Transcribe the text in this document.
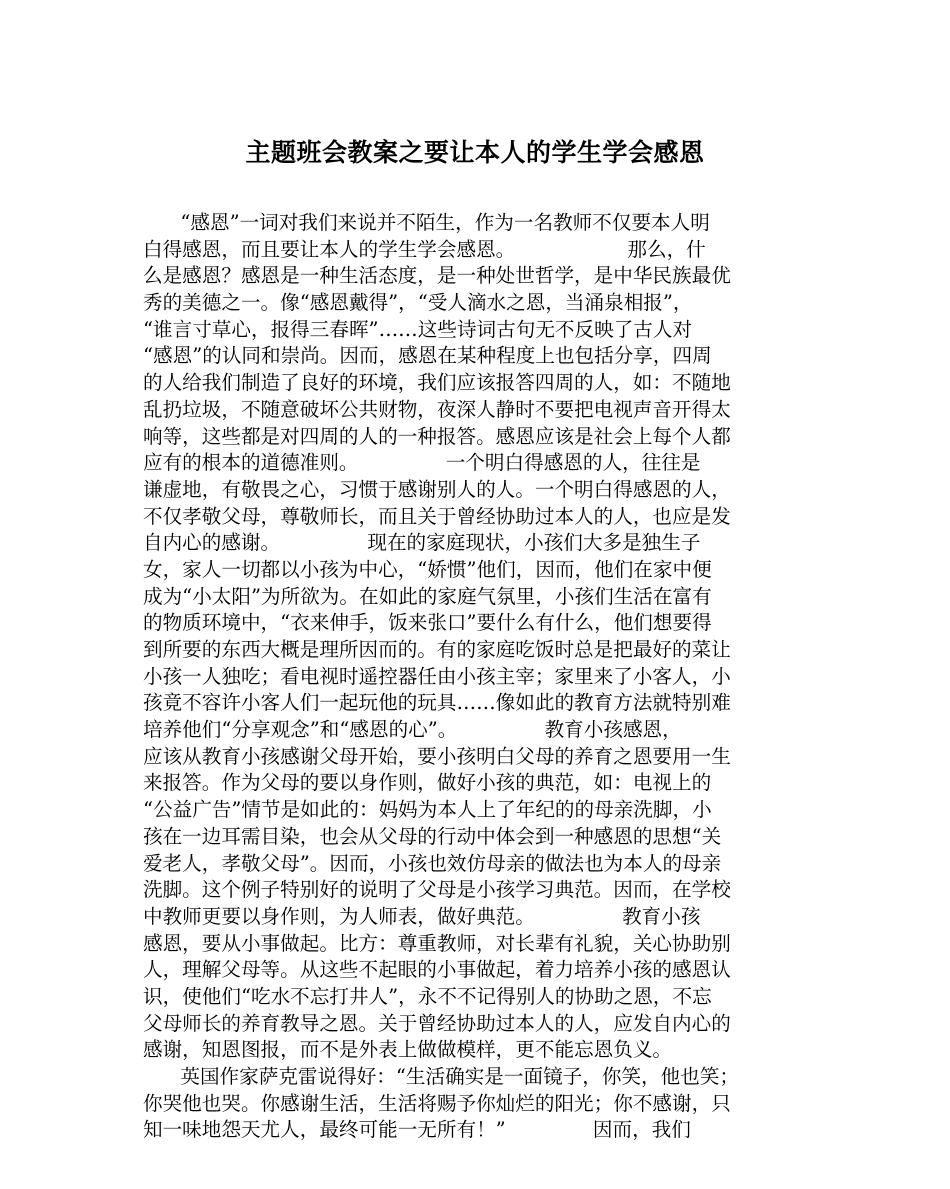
主题班会教案之要让本人的学生学会感恩
“感恩”一词对我们来说并不陌生，作为一名教师不仅要本人明
白得感恩，而且要让本人的学生学会感恩。                  那么，什
么是感恩？感恩是一种生活态度，是一种处世哲学，是中华民族最优
秀的美德之一。像“感恩戴得”，“受人滴水之恩，当涌泉相报”，
“谁言寸草心，报得三春晖”……这些诗词古句无不反映了古人对
“感恩”的认同和崇尚。因而，感恩在某种程度上也包括分享，四周
的人给我们制造了良好的环境，我们应该报答四周的人，如：不随地
乱扔垃圾，不随意破坏公共财物，夜深人静时不要把电视声音开得太
响等，这些都是对四周的人的一种报答。感恩应该是社会上每个人都
应有的根本的道德准则。              一个明白得感恩的人，往往是
谦虚地，有敬畏之心，习惯于感谢别人的人。一个明白得感恩的人，
不仅孝敬父母，尊敬师长，而且关于曾经协助过本人的人，也应是发
自内心的感谢。              现在的家庭现状，小孩们大多是独生子
女，家人一切都以小孩为中心，“娇惯”他们，因而，他们在家中便
成为“小太阳”为所欲为。在如此的家庭气氛里，小孩们生活在富有
的物质环境中，“衣来伸手，饭来张口”要什么有什么，他们想要得
到所要的东西大概是理所因而的。有的家庭吃饭时总是把最好的菜让
小孩一人独吃；看电视时遥控器任由小孩主宰；家里来了小客人，小
孩竟不容许小客人们一起玩他的玩具……像如此的教育方法就特别难
培养他们“分享观念”和“感恩的心”。              教育小孩感恩，
应该从教育小孩感谢父母开始，要小孩明白父母的养育之恩要用一生
来报答。作为父母的要以身作则，做好小孩的典范，如：电视上的
“公益广告”情节是如此的：妈妈为本人上了年纪的的母亲洗脚，小
孩在一边耳需目染，也会从父母的行动中体会到一种感恩的思想“关
爱老人，孝敬父母”。因而，小孩也效仿母亲的做法也为本人的母亲
洗脚。这个例子特别好的说明了父母是小孩学习典范。因而，在学校
中教师更要以身作则，为人师表，做好典范。              教育小孩
感恩，要从小事做起。比方：尊重教师，对长辈有礼貌，关心协助别
人，理解父母等。从这些不起眼的小事做起，着力培养小孩的感恩认
识，使他们“吃水不忘打井人”，永不不记得别人的协助之恩，不忘
父母师长的养育教导之恩。关于曾经协助过本人的人，应发自内心的
感谢，知恩图报，而不是外表上做做模样，更不能忘恩负义。
英国作家萨克雷说得好：“生活确实是一面镜子，你笑，他也笑；
你哭他也哭。你感谢生活，生活将赐予你灿烂的阳光；你不感谢，只
知一味地怨天尤人，最终可能一无所有！”              因而，我们
